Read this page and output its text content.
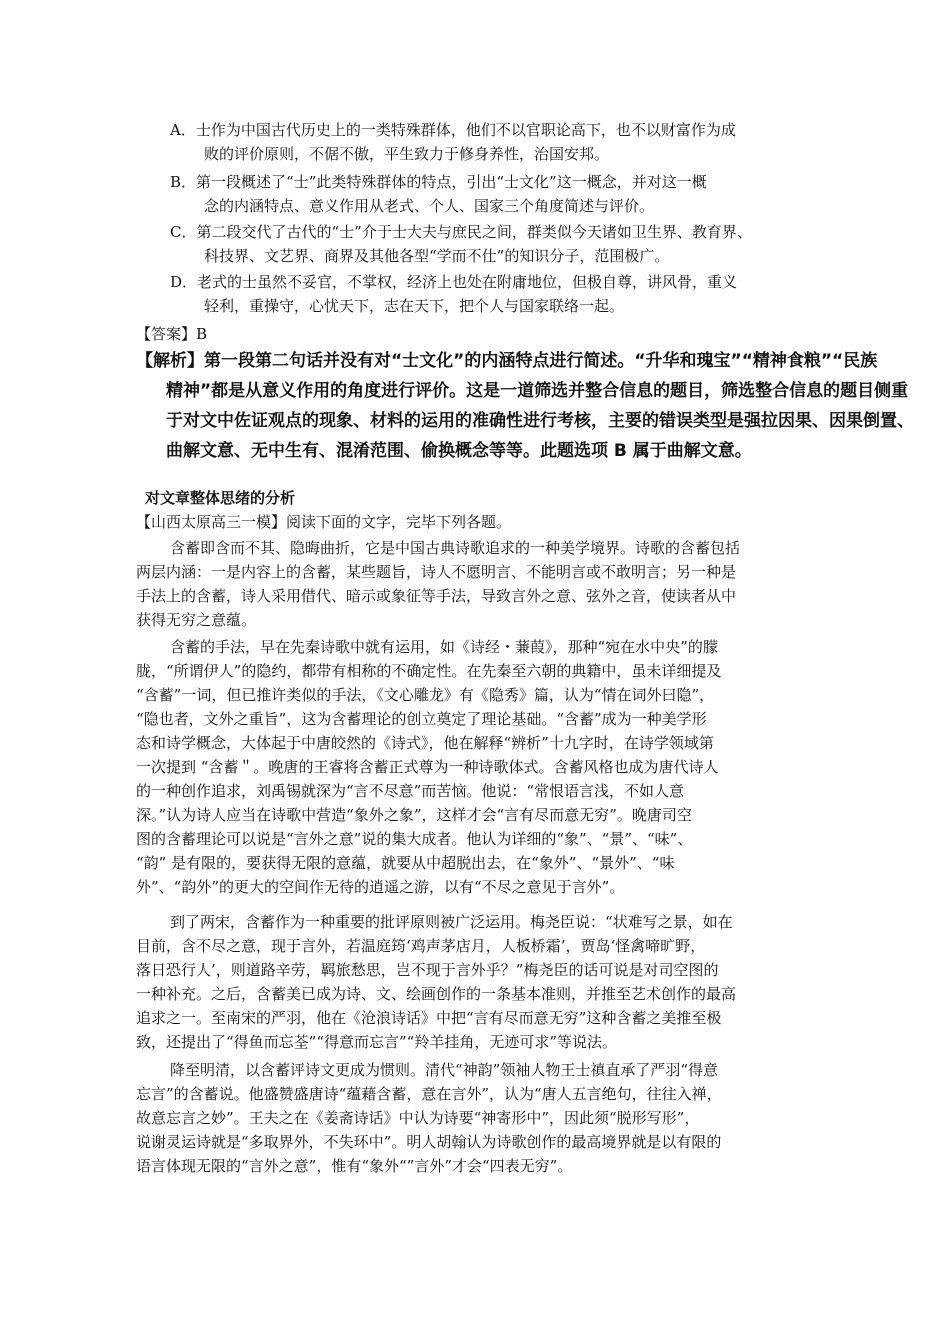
A．士作为中国古代历史上的一类特殊群体，他们不以官职论高下，也不以财富作为成
败的评价原则，不倨不傲，平生致力于修身养性，治国安邦。
B．第一段概述了“士”此类特殊群体的特点，引出“士文化”这一概念，并对这一概
念的内涵特点、意义作用从老式、个人、国家三个角度简述与评价。
C．第二段交代了古代的“士”介于士大夫与庶民之间，群类似今天诸如卫生界、教育界、
科技界、文艺界、商界及其他各型“学而不仕”的知识分子，范围极广。
D．老式的士虽然不妥官，不掌权，经济上也处在附庸地位，但极自尊，讲风骨，重义
轻利，重操守，心忧天下，志在天下，把个人与国家联络一起。
【答案】B
【解析】第一段第二句话并没有对“士文化”的内涵特点进行简述。“升华和瑰宝”“精神食粮”“民族
精神”都是从意义作用的角度进行评价。这是一道筛选并整合信息的题目，筛选整合信息的题目侧重
于对文中佐证观点的现象、材料的运用的准确性进行考核，主要的错误类型是强拉因果、因果倒置、
曲解文意、无中生有、混淆范围、偷换概念等等。此题选项 B 属于曲解文意。
对文章整体思绪的分析
【山西太原高三一模】阅读下面的文字，完毕下列各题。
含蓄即含而不其、隐晦曲折，它是中国古典诗歌追求的一种美学境界。诗歌的含蓄包括
两层内涵：一是内容上的含蓄，某些题旨，诗人不愿明言、不能明言或不敢明言；另一种是
手法上的含蓄，诗人采用借代、暗示或象征等手法，导致言外之意、弦外之音，使读者从中
获得无穷之意蕴。
含蓄的手法，早在先秦诗歌中就有运用，如《诗经・蒹葭》，那种“宛在水中央”的朦
胧，“所谓伊人”的隐约，都带有相称的不确定性。在先秦至六朝的典籍中，虽未详细提及
“含蓄”一词，但已推许类似的手法，《文心雕龙》有《隐秀》篇，认为“情在词外曰隐”，
“隐也者，文外之重旨”，这为含蓄理论的创立奠定了理论基础。“含蓄”成为一种美学形
态和诗学概念，大体起于中唐皎然的《诗式》，他在解释“辨析”十九字时，在诗学领域第
一次提到 “含蓄＂。晚唐的王睿将含蓄正式尊为一种诗歌体式。含蓄风格也成为唐代诗人
的一种创作追求，刘禹锡就深为“言不尽意”而苦恼。他说：“常恨语言浅，不如人意
深。”认为诗人应当在诗歌中营造“象外之象”，这样才会“言有尽而意无穷”。晚唐司空
图的含蓄理论可以说是“言外之意”说的集大成者。他认为详细的“象”、“景”、“味”、
“韵” 是有限的，要获得无限的意蕴，就要从中超脱出去，在“象外”、“景外”、“味
外”、“韵外”的更大的空间作无待的逍遥之游，以有“不尽之意见于言外”。
到了两宋，含蓄作为一种重要的批评原则被广泛运用。梅尧臣说：“状难写之景，如在
目前，含不尽之意，现于言外，若温庭筠‘鸡声茅店月，人板桥霜’，贾岛‘怪禽啼旷野，
落日恐行人’，则道路辛劳，羁旅愁思，岂不现于言外乎？”梅尧臣的话可说是对司空图的
一种补充。之后，含蓄美已成为诗、文、绘画创作的一条基本准则，并推至艺术创作的最高
追求之一。至南宋的严羽，他在《沧浪诗话》中把“言有尽而意无穷”这种含蓄之美推至极
致，还提出了“得鱼而忘荃”“得意而忘言”“羚羊挂角，无迹可求”等说法。
降至明清，以含蓄评诗文更成为惯则。清代“神韵”领袖人物王士禛直承了严羽“得意
忘言”的含蓄说。他盛赞盛唐诗“蕴藉含蓄，意在言外”，认为“唐人五言绝句，往往入禅，
故意忘言之妙”。王夫之在《姜斋诗话》中认为诗要“神寄形中”，因此须“脱形写形”，
说谢灵运诗就是“多取界外，不失环中”。明人胡翰认为诗歌创作的最高境界就是以有限的
语言体现无限的“言外之意”，惟有“象外“”言外”才会“四表无穷”。
